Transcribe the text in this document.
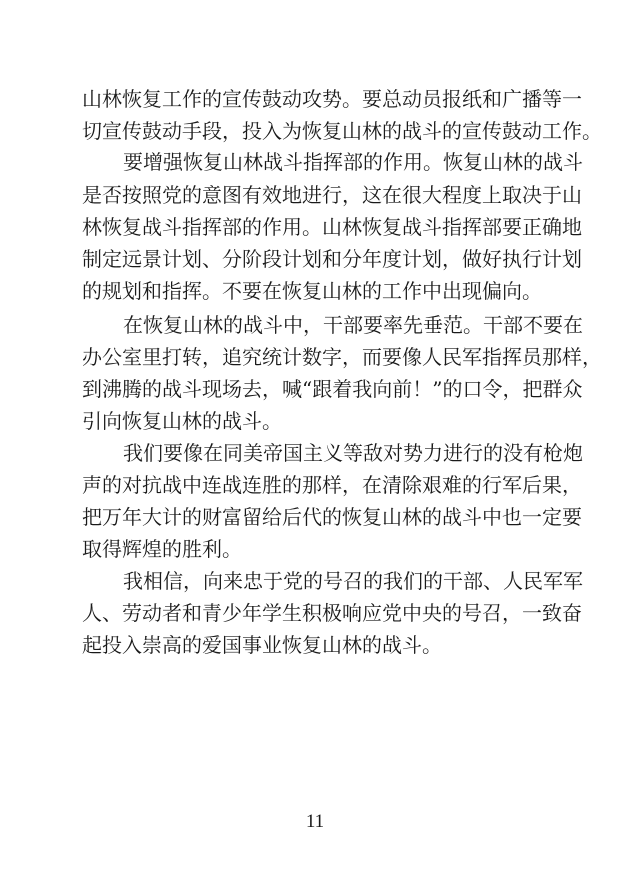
山林恢复工作的宣传鼓动攻势。要总动员报纸和广播等一
切宣传鼓动手段，投入为恢复山林的战斗的宣传鼓动工作。
要增强恢复山林战斗指挥部的作用。恢复山林的战斗
是否按照党的意图有效地进行，这在很大程度上取决于山
林恢复战斗指挥部的作用。山林恢复战斗指挥部要正确地
制定远景计划、分阶段计划和分年度计划，做好执行计划
的规划和指挥。不要在恢复山林的工作中出现偏向。
在恢复山林的战斗中，干部要率先垂范。干部不要在
办公室里打转，追究统计数字，而要像人民军指挥员那样，
到沸腾的战斗现场去，喊“跟着我向前！”的口令，把群众
引向恢复山林的战斗。
我们要像在同美帝国主义等敌对势力进行的没有枪炮
声的对抗战中连战连胜的那样，在清除艰难的行军后果，
把万年大计的财富留给后代的恢复山林的战斗中也一定要
取得辉煌的胜利。
我相信，向来忠于党的号召的我们的干部、人民军军
人、劳动者和青少年学生积极响应党中央的号召，一致奋
起投入崇高的爱国事业恢复山林的战斗。
11
